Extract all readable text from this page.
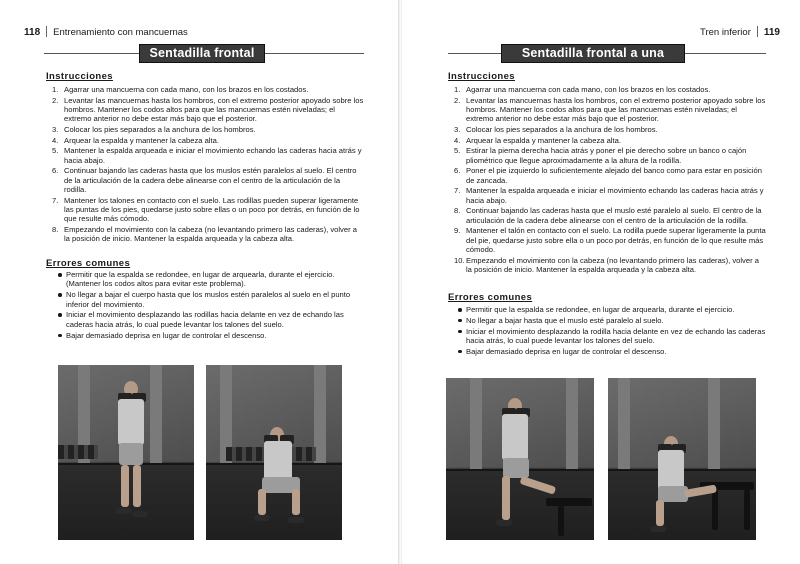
118 Entrenamiento con mancuernas
Sentadilla frontal
Instrucciones
1. Agarrar una mancuerna con cada mano, con los brazos en los costados.
2. Levantar las mancuernas hasta los hombros, con el extremo posterior apoyado sobre los hombros. Mantener los codos altos para que las mancuernas estén niveladas; el extremo anterior no debe estar más bajo que el posterior.
3. Colocar los pies separados a la anchura de los hombros.
4. Arquear la espalda y mantener la cabeza alta.
5. Mantener la espalda arqueada e iniciar el movimiento echando las caderas hacia atrás y hacia abajo.
6. Continuar bajando las caderas hasta que los muslos estén paralelos al suelo. El centro de la articulación de la cadera debe alinearse con el centro de la articulación de la rodilla.
7. Mantener los talones en contacto con el suelo. Las rodillas pueden superar ligeramente las puntas de los pies, quedarse justo sobre ellas o un poco por detrás, en función de lo que resulte más cómodo.
8. Empezando el movimiento con la cabeza (no levantando primero las caderas), volver a la posición de inicio. Mantener la espalda arqueada y la cabeza alta.
Errores comunes
Permitir que la espalda se redondee, en lugar de arquearla, durante el ejercicio. (Mantener los codos altos para evitar este problema).
No llegar a bajar el cuerpo hasta que los muslos estén paralelos al suelo en el punto inferior del movimiento.
Iniciar el movimiento desplazando las rodillas hacia delante en vez de echando las caderas hacia atrás, lo cual puede levantar los talones del suelo.
Bajar demasiado deprisa en lugar de controlar el descenso.
Tren inferior 119
Sentadilla frontal a una pierna
Instrucciones
1. Agarrar una mancuerna con cada mano, con los brazos en los costados.
2. Levantar las mancuernas hasta los hombros, con el extremo posterior apoyado sobre los hombros. Mantener los codos altos para que las mancuernas estén niveladas; el extremo anterior no debe estar más bajo que el posterior.
3. Colocar los pies separados a la anchura de los hombros.
4. Arquear la espalda y mantener la cabeza alta.
5. Estirar la pierna derecha hacia atrás y poner el pie derecho sobre un banco o cajón pliométrico que llegue aproximadamente a la altura de la rodilla.
6. Poner el pie izquierdo lo suficientemente alejado del banco como para estar en posición de zancada.
7. Mantener la espalda arqueada e iniciar el movimiento echando las caderas hacia atrás y hacia abajo.
8. Continuar bajando las caderas hasta que el muslo esté paralelo al suelo. El centro de la articulación de la cadera debe alinearse con el centro de la articulación de la rodilla.
9. Mantener el talón en contacto con el suelo. La rodilla puede superar ligeramente la punta del pie, quedarse justo sobre ella o un poco por detrás, en función de lo que resulte más cómodo.
10. Empezando el movimiento con la cabeza (no levantando primero las caderas), volver a la posición de inicio. Mantener la espalda arqueada y la cabeza alta.
Errores comunes
Permitir que la espalda se redondee, en lugar de arquearla, durante el ejercicio.
No llegar a bajar hasta que el muslo esté paralelo al suelo.
Iniciar el movimiento desplazando la rodilla hacia delante en vez de echando las caderas hacia atrás, lo cual puede levantar los talones del suelo.
Bajar demasiado deprisa en lugar de controlar el descenso.
